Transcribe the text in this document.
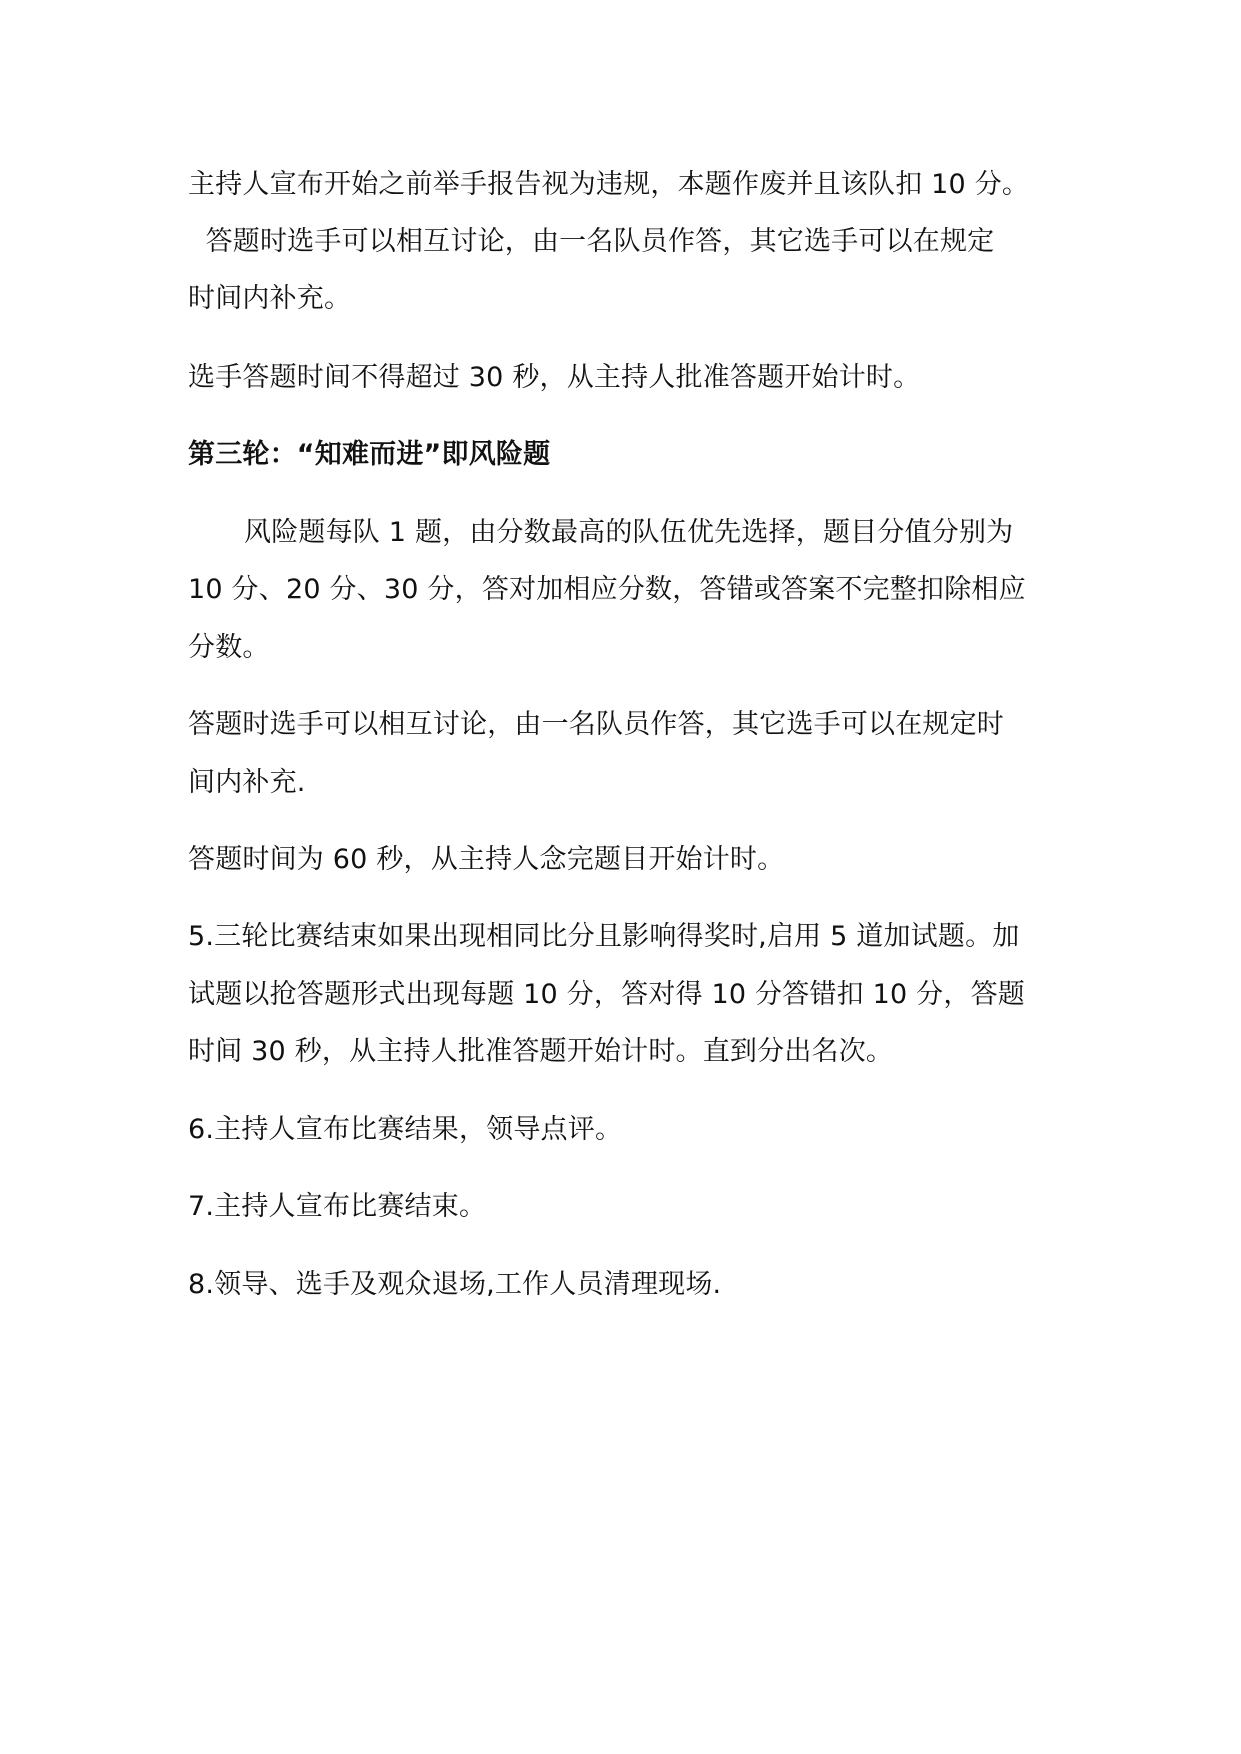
主持人宣布开始之前举手报告视为违规，本题作废并且该队扣 10 分。
答题时选手可以相互讨论，由一名队员作答，其它选手可以在规定
时间内补充。
选手答题时间不得超过 30 秒，从主持人批准答题开始计时。
第三轮：“知难而进”即风险题
风险题每队 1 题，由分数最高的队伍优先选择，题目分值分别为
10 分、20 分、30 分，答对加相应分数，答错或答案不完整扣除相应
分数。
答题时选手可以相互讨论，由一名队员作答，其它选手可以在规定时
间内补充.
答题时间为 60 秒，从主持人念完题目开始计时。
5.三轮比赛结束如果出现相同比分且影响得奖时,启用 5 道加试题。加
试题以抢答题形式出现每题 10 分，答对得 10 分答错扣 10 分，答题
时间 30 秒，从主持人批准答题开始计时。直到分出名次。
6.主持人宣布比赛结果，领导点评。
7.主持人宣布比赛结束。
8.领导、选手及观众退场,工作人员清理现场.
